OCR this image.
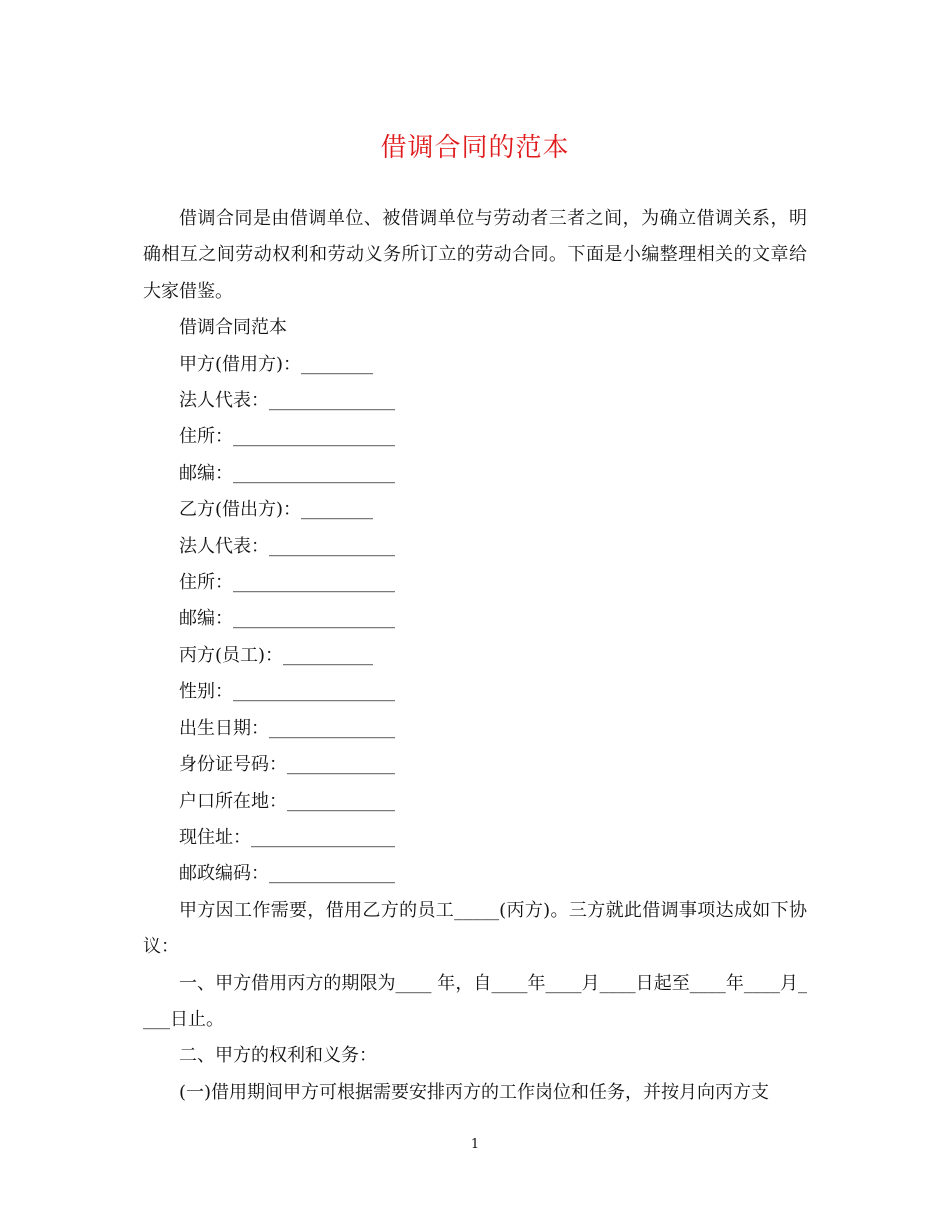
借调合同的范本

借调合同是由借调单位、被借调单位与劳动者三者之间，为确立借调关系，明确相互之间劳动权利和劳动义务所订立的劳动合同。下面是小编整理相关的文章给大家借鉴。

借调合同范本

甲方(借用方)：________

法人代表：______________

住所：__________________

邮编：__________________

乙方(借出方)：________

法人代表：______________

住所：__________________

邮编：__________________

丙方(员工)：__________

性别：__________________

出生日期：______________

身份证号码：____________

户口所在地：____________

现住址：________________

邮政编码：______________

甲方因工作需要，借用乙方的员工_____(丙方)。三方就此借调事项达成如下协议：

一、甲方借用丙方的期限为____ 年，自____年____月____日起至____年____月____日止。

二、甲方的权利和义务：

(一)借用期间甲方可根据需要安排丙方的工作岗位和任务，并按月向丙方支

1
